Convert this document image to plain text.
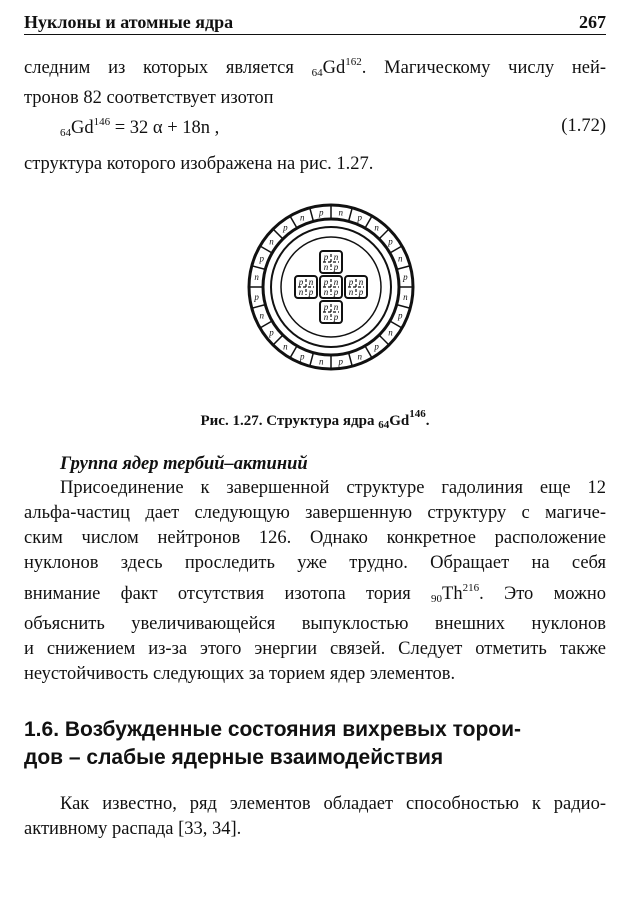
Нуклоны и атомные ядра	267
следним из которых является $_{64}Gd^{162}$. Магическому числу ней-
тронов 82 соответствует изотоп
$_{64}Gd^{146} = 32$ α + 18n ,	(1.72)
структура которого изображена на рис. 1.27.
n
p
n
p
n
p
n
p
n
p
n
p
n
p
n
p
n
p n
p
n
p
n
p
p n
n p
p n
n p
p n
n p
p n
n p
p n
n p
Рис. 1.27. Структура ядра $_{64}Gd^{146}$.
Группа ядер тербий–актиний
Присоединение к завершенной структуре гадолиния еще 12
альфа-частиц дает следующую завершенную структуру с магиче-
ским числом нейтронов 126. Однако конкретное расположение
нуклонов здесь проследить уже трудно. Обращает на себя
внимание факт отсутствия изотопа тория $_{90}Th^{216}$. Это можно
объяснить увеличивающейся выпуклостью внешних нуклонов
и снижением из-за этого энергии связей. Следует отметить также
неустойчивость следующих за торием ядер элементов.
1.6. Возбужденные состояния вихревых торои-
дов – слабые ядерные взаимодействия
Как известно, ряд элементов обладает способностью к радио-
активному распада [33, 34].
